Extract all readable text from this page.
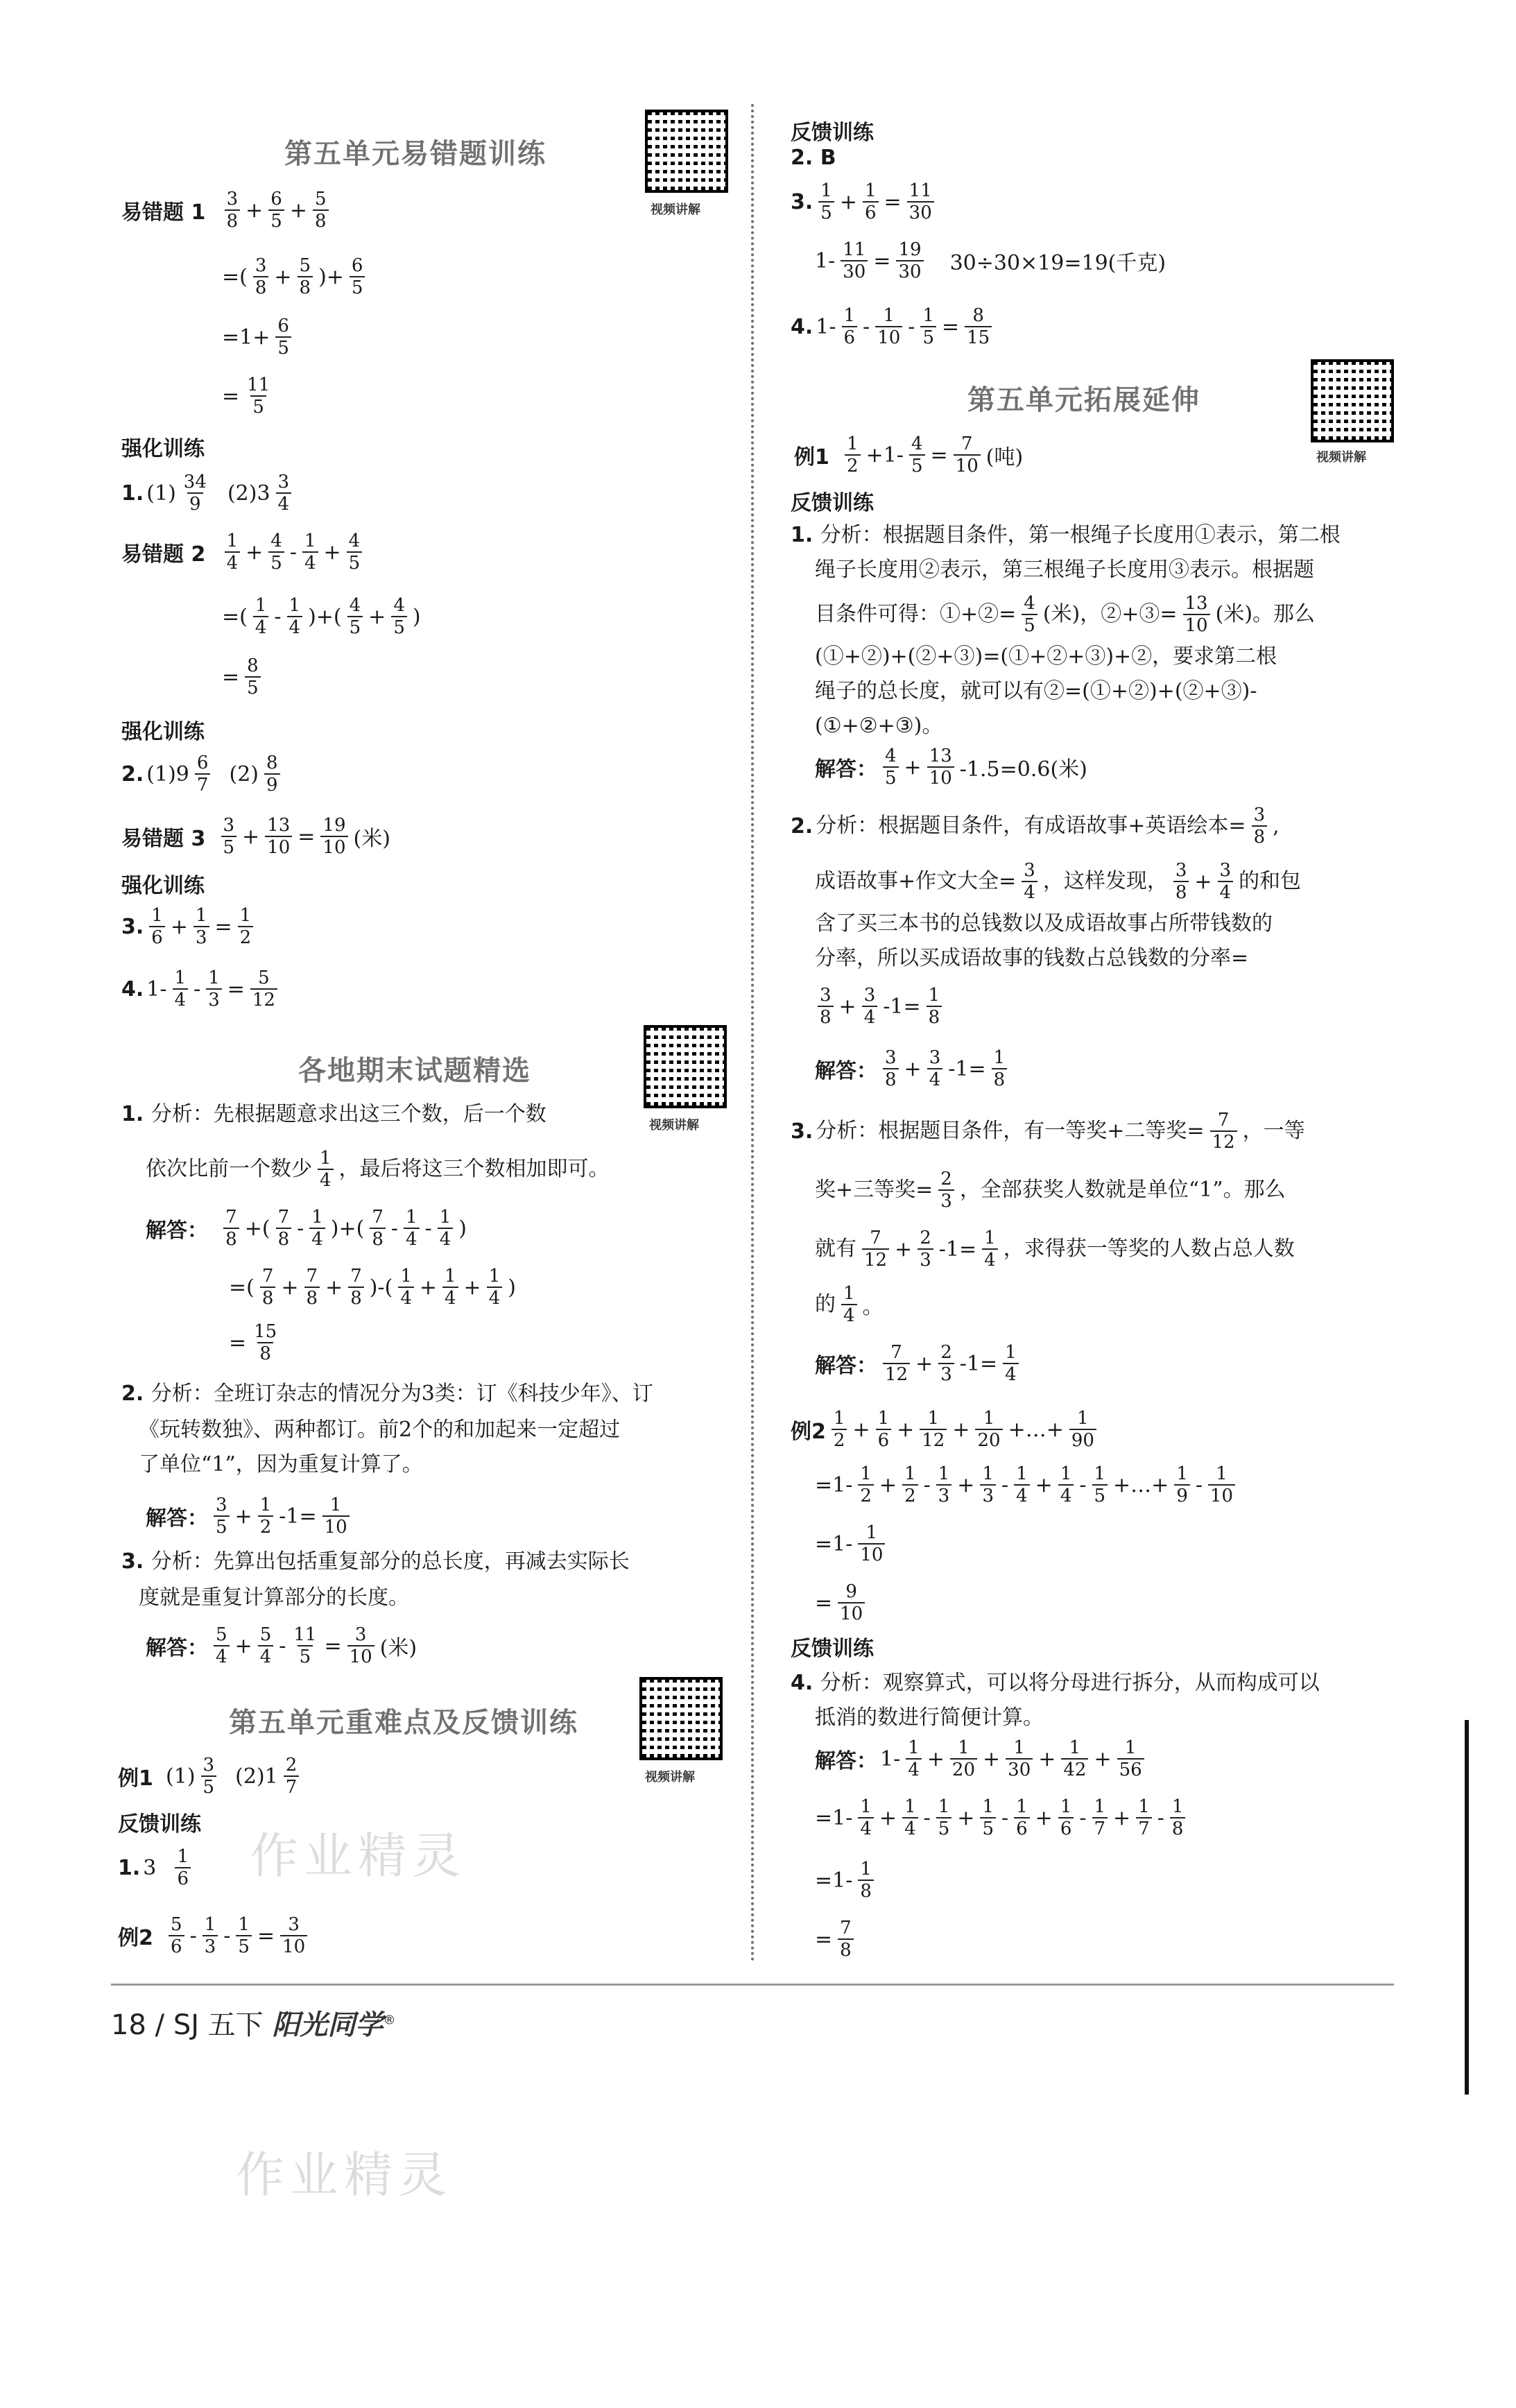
第五单元易错题训练
视频讲解
易错题 1
$\frac{3}{8} + \frac{6}{5} + \frac{5}{8}$
=( $\frac{3}{8} + \frac{5}{8}$ )+ $\frac{6}{5}$
$=1+ \frac{6}{5}$
= $\frac{11}{5}$
强化训练
1. $(1) \frac{34}{9} (2)3 \frac{3}{4}$
易错题 2
$\frac{1}{4} + \frac{4}{5} - \frac{1}{4} + \frac{4}{5}$
=( $\frac{1}{4} - \frac{1}{4}$ )+( $\frac{4}{5} + \frac{4}{5}$ )
= $\frac{8}{5}$
强化训练
2. $(1)9 \frac{6}{7} (2) \frac{8}{9}$
易错题 3
$\frac{3}{5} + \frac{13}{10} = \frac{19}{10}$ (米)
强化训练
3. $\frac{1}{6} + \frac{1}{3} = \frac{1}{2}$
4. $1- \frac{1}{4} - \frac{1}{3} = \frac{5}{12}$
各地期末试题精选
视频讲解
1. 分析：先根据题意求出这三个数，后一个数
依次比前一个数少 $\frac{1}{4}$ ，最后将这三个数相加即可。
解答：
$\frac{7}{8}$ +( $\frac{7}{8} - \frac{1}{4}$ )+( $\frac{7}{8} - \frac{1}{4} - \frac{1}{4}$ )
=( $\frac{7}{8} + \frac{7}{8} + \frac{7}{8}$ )-( $\frac{1}{4} + \frac{1}{4} + \frac{1}{4}$ )
= $\frac{15}{8}$
2. 分析：全班订杂志的情况分为3类：订《科技少年》、订
《玩转数独》、两种都订。前2个的和加起来一定超过
了单位“1”，因为重复计算了。
解答： $\frac{3}{5} + \frac{1}{2} -1= \frac{1}{10}$
3. 分析：先算出包括重复部分的总长度，再减去实际长
度就是重复计算部分的长度。
解答： $\frac{5}{4} + \frac{5}{4} - \frac{11}{5} = \frac{3}{10}$ (米)
第五单元重难点及反馈训练
视频讲解
例1
$(1) \frac{3}{5} (2)1 \frac{2}{7}$
反馈训练
1. $3 \frac{1}{6}$
例2
$\frac{5}{6} - \frac{1}{3} - \frac{1}{5} = \frac{3}{10}$
反馈训练
2. B
3. $\frac{1}{5} + \frac{1}{6} = \frac{11}{30}$
$1- \frac{11}{30} = \frac{19}{30} 30\div 30\times 19=19$(千克)
4. $1- \frac{1}{6} - \frac{1}{10} - \frac{1}{5} = \frac{8}{15}$
第五单元拓展延伸
视频讲解
例1
$\frac{1}{2} +1- \frac{4}{5} = \frac{7}{10}$ (吨)
反馈训练
1. 分析：根据题目条件，第一根绳子长度用①表示，第二根
绳子长度用②表示，第三根绳子长度用③表示。根据题
目条件可得：①+②= $\frac{4}{5}$ (米)，②+③= $\frac{13}{10}$ (米)。那么
(①+②)+(②+③)=(①+②+③)+②，要求第二根
绳子的总长度，就可以有②=(①+②)+(②+③)-
(①+②+③)。
解答： $\frac{4}{5} + \frac{13}{10} -1.5=0.6$(米)
2. 分析：根据题目条件，有成语故事+英语绘本= $\frac{3}{8}$ ,
成语故事+作文大全= $\frac{3}{4}$ ，这样发现， $\frac{3}{8} + \frac{3}{4}$ 的和包
含了买三本书的总钱数以及成语故事占所带钱数的
分率，所以买成语故事的钱数占总钱数的分率=
$\frac{3}{8} + \frac{3}{4} -1= \frac{1}{8}$
解答： $\frac{3}{8} + \frac{3}{4} -1= \frac{1}{8}$
3. 分析：根据题目条件，有一等奖+二等奖= $\frac{7}{12}$ ，一等
奖+三等奖= $\frac{2}{3}$ ，全部获奖人数就是单位“1”。那么
就有 $\frac{7}{12} + \frac{2}{3} -1= \frac{1}{4}$ ，求得获一等奖的人数占总人数
的 $\frac{1}{4}$ 。
解答： $\frac{7}{12} + \frac{2}{3} -1= \frac{1}{4}$
例$2 \frac{1}{2} + \frac{1}{6} + \frac{1}{12} + \frac{1}{20}$ +…+ $\frac{1}{90}$
$=1- \frac{1}{2} + \frac{1}{2} - \frac{1}{3} + \frac{1}{3} - \frac{1}{4} + \frac{1}{4} - \frac{1}{5}$ +…+ $\frac{1}{9} - \frac{1}{10}$
$=1- \frac{1}{10}$
= $\frac{9}{10}$
反馈训练
4. 分析：观察算式，可以将分母进行拆分，从而构成可以
抵消的数进行简便计算。
解答： $1- \frac{1}{4} + \frac{1}{20} + \frac{1}{30} + \frac{1}{42} + \frac{1}{56}$
$=1- \frac{1}{4} + \frac{1}{4} - \frac{1}{5} + \frac{1}{5} - \frac{1}{6} + \frac{1}{6} - \frac{1}{7} + \frac{1}{7} - \frac{1}{8}$
$=1- \frac{1}{8}$
= $\frac{7}{8}$
作业精灵
作业精灵
18 / SJ 五下 阳光同学®
